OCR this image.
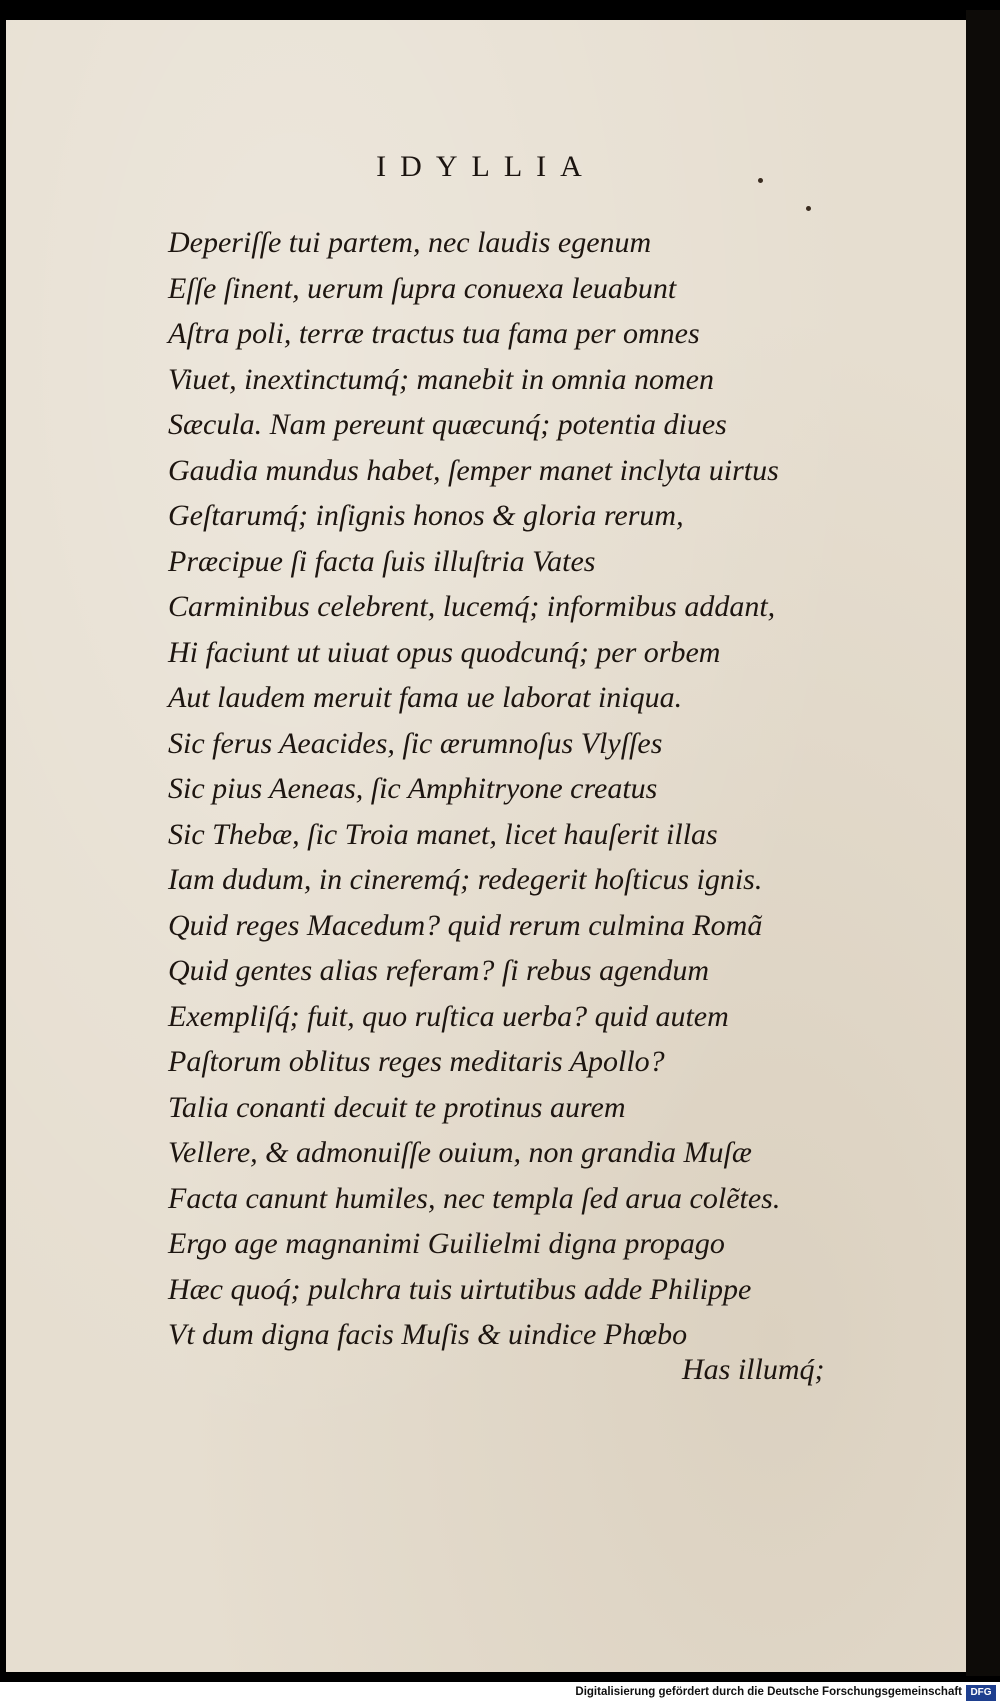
IDYLLIA
Deperiſſe tui partem, nec laudis egenum
Eſſe ſinent, uerum ſupra conuexa leuabunt
Aſtra poli, terræ tractus tua fama per omnes
Viuet, inextinctumq́; manebit in omnia nomen
Sæcula. Nam pereunt quæcunq́; potentia diues
Gaudia mundus habet, ſemper manet inclyta uirtus
Geſtarumq́; inſignis honos & gloria rerum,
Præcipue ſi facta ſuis illuſtria Vates
Carminibus celebrent, lucemq́; informibus addant,
Hi faciunt ut uiuat opus quodcunq́; per orbem
Aut laudem meruit fama ue laborat iniqua.
Sic ferus Aeacides, ſic ærumnoſus Vlyſſes
Sic pius Aeneas, ſic Amphitryone creatus
Sic Thebæ, ſic Troia manet, licet hauſerit illas
Iam dudum, in cineremq́; redegerit hoſticus ignis.
Quid reges Macedum? quid rerum culmina Romã
Quid gentes alias referam? ſi rebus agendum
Exempliſq́; fuit, quo ruſtica uerba? quid autem
Paſtorum oblitus reges meditaris Apollo?
Talia conanti decuit te protinus aurem
Vellere, & admonuiſſe ouium, non grandia Muſæ
Facta canunt humiles, nec templa ſed arua colẽtes.
Ergo age magnanimi Guilielmi digna propago
Hæc quoq́; pulchra tuis uirtutibus adde Philippe
Vt dum digna facis Muſis & uindice Phœbo
Has illumq́;
Digitalisierung gefördert durch die Deutsche Forschungsgemeinschaft DFG
